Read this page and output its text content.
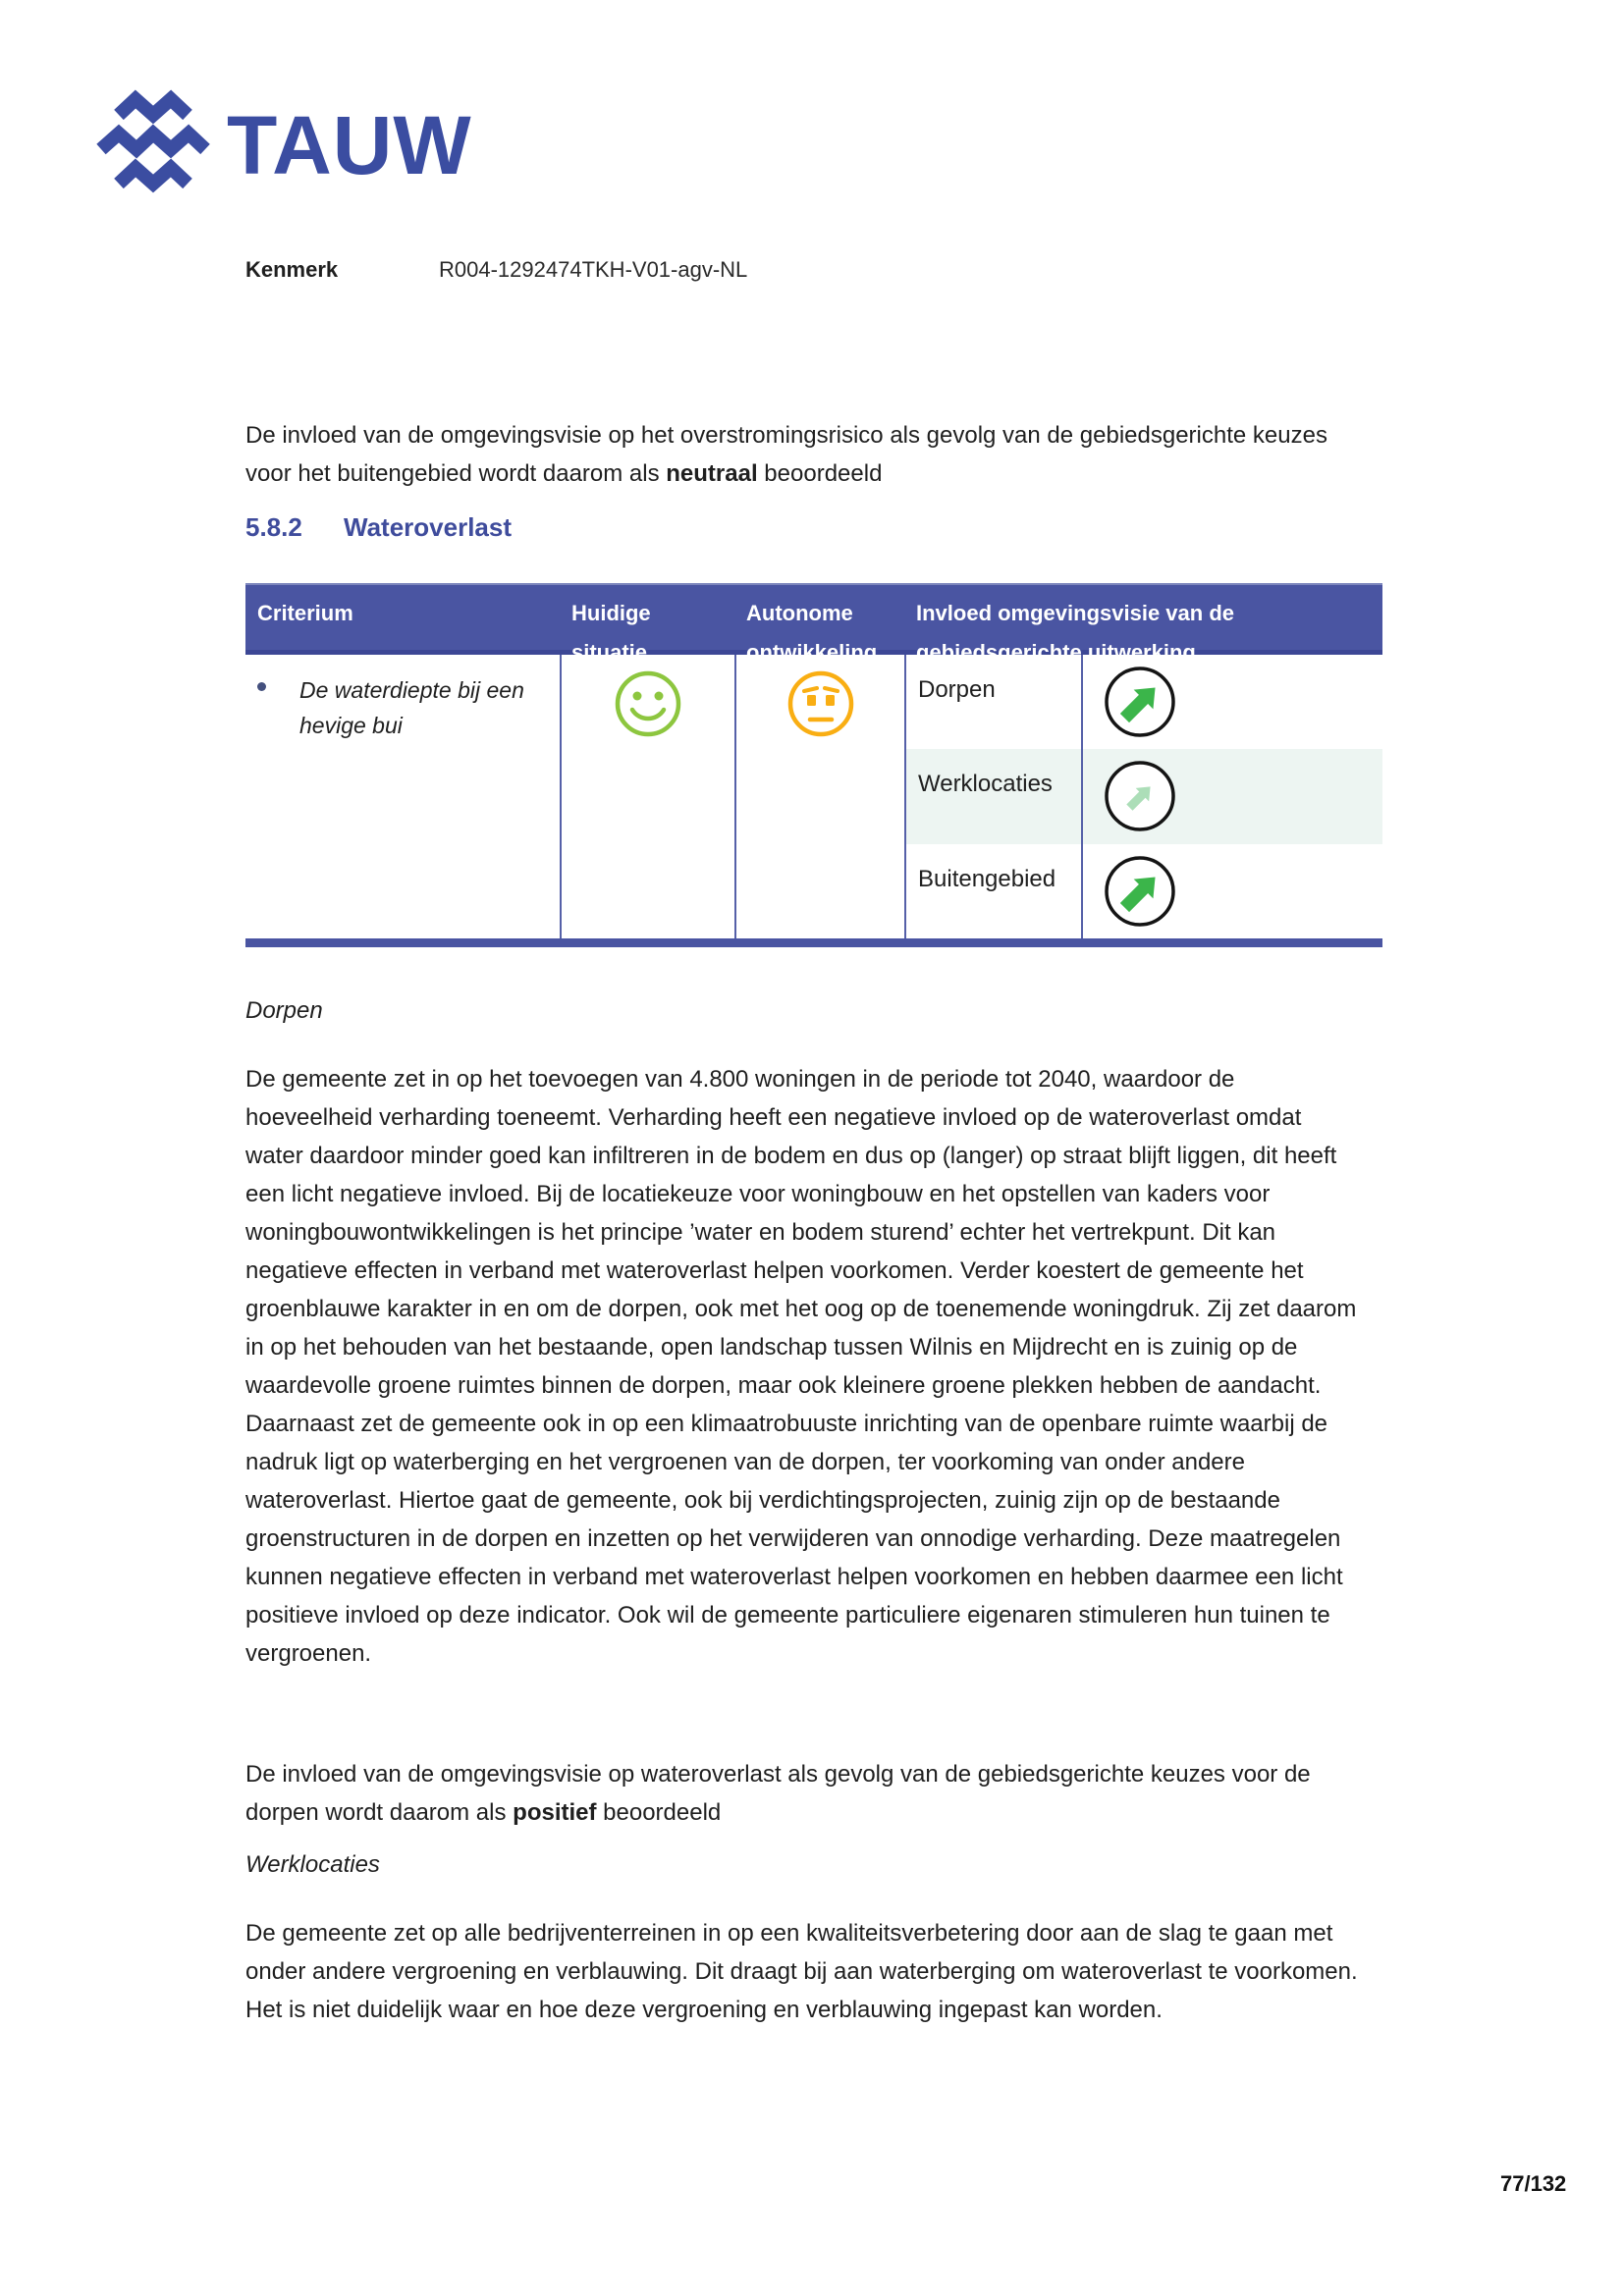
TAUW
Kenmerk	R004-1292474TKH-V01-agv-NL

De invloed van de omgevingsvisie op het overstromingsrisico als gevolg van de gebiedsgerichte keuzes voor het buitengebied wordt daarom als neutraal beoordeeld

5.8.2 Wateroverlast
Criterium	Huidige situatie
Autonome ontwikkeling
Invloed omgevingsvisie van de gebiedsgerichte uitwerking
De waterdiepte bij een hevige bui
Dorpen
Werklocaties
Buitengebied
Dorpen

De gemeente zet in op het toevoegen van 4.800 woningen in de periode tot 2040, waardoor de hoeveelheid verharding toeneemt. Verharding heeft een negatieve invloed op de wateroverlast omdat water daardoor minder goed kan infiltreren in de bodem en dus op (langer) op straat blijft liggen, dit heeft een licht negatieve invloed. Bij de locatiekeuze voor woningbouw en het opstellen van kaders voor woningbouwontwikkelingen is het principe ’water en bodem sturend’ echter het vertrekpunt. Dit kan negatieve effecten in verband met wateroverlast helpen voorkomen. Verder koestert de gemeente het groenblauwe karakter in en om de dorpen, ook met het oog op de toenemende woningdruk. Zij zet daarom in op het behouden van het bestaande, open landschap tussen Wilnis en Mijdrecht en is zuinig op de waardevolle groene ruimtes binnen de dorpen, maar ook kleinere groene plekken hebben de aandacht. Daarnaast zet de gemeente ook in op een klimaatrobuuste inrichting van de openbare ruimte waarbij de nadruk ligt op waterberging en het vergroenen van de dorpen, ter voorkoming van onder andere wateroverlast. Hiertoe gaat de gemeente, ook bij verdichtingsprojecten, zuinig zijn op de bestaande groenstructuren in de dorpen en inzetten op het verwijderen van onnodige verharding. Deze maatregelen kunnen negatieve effecten in verband met wateroverlast helpen voorkomen en hebben daarmee een licht positieve invloed op deze indicator. Ook wil de gemeente particuliere eigenaren stimuleren hun tuinen te vergroenen.

De invloed van de omgevingsvisie op wateroverlast als gevolg van de gebiedsgerichte keuzes voor de dorpen wordt daarom als positief beoordeeld

Werklocaties

De gemeente zet op alle bedrijventerreinen in op een kwaliteitsverbetering door aan de slag te gaan met onder andere vergroening en verblauwing. Dit draagt bij aan waterberging om wateroverlast te voorkomen. Het is niet duidelijk waar en hoe deze vergroening en verblauwing ingepast kan worden.

77/132
